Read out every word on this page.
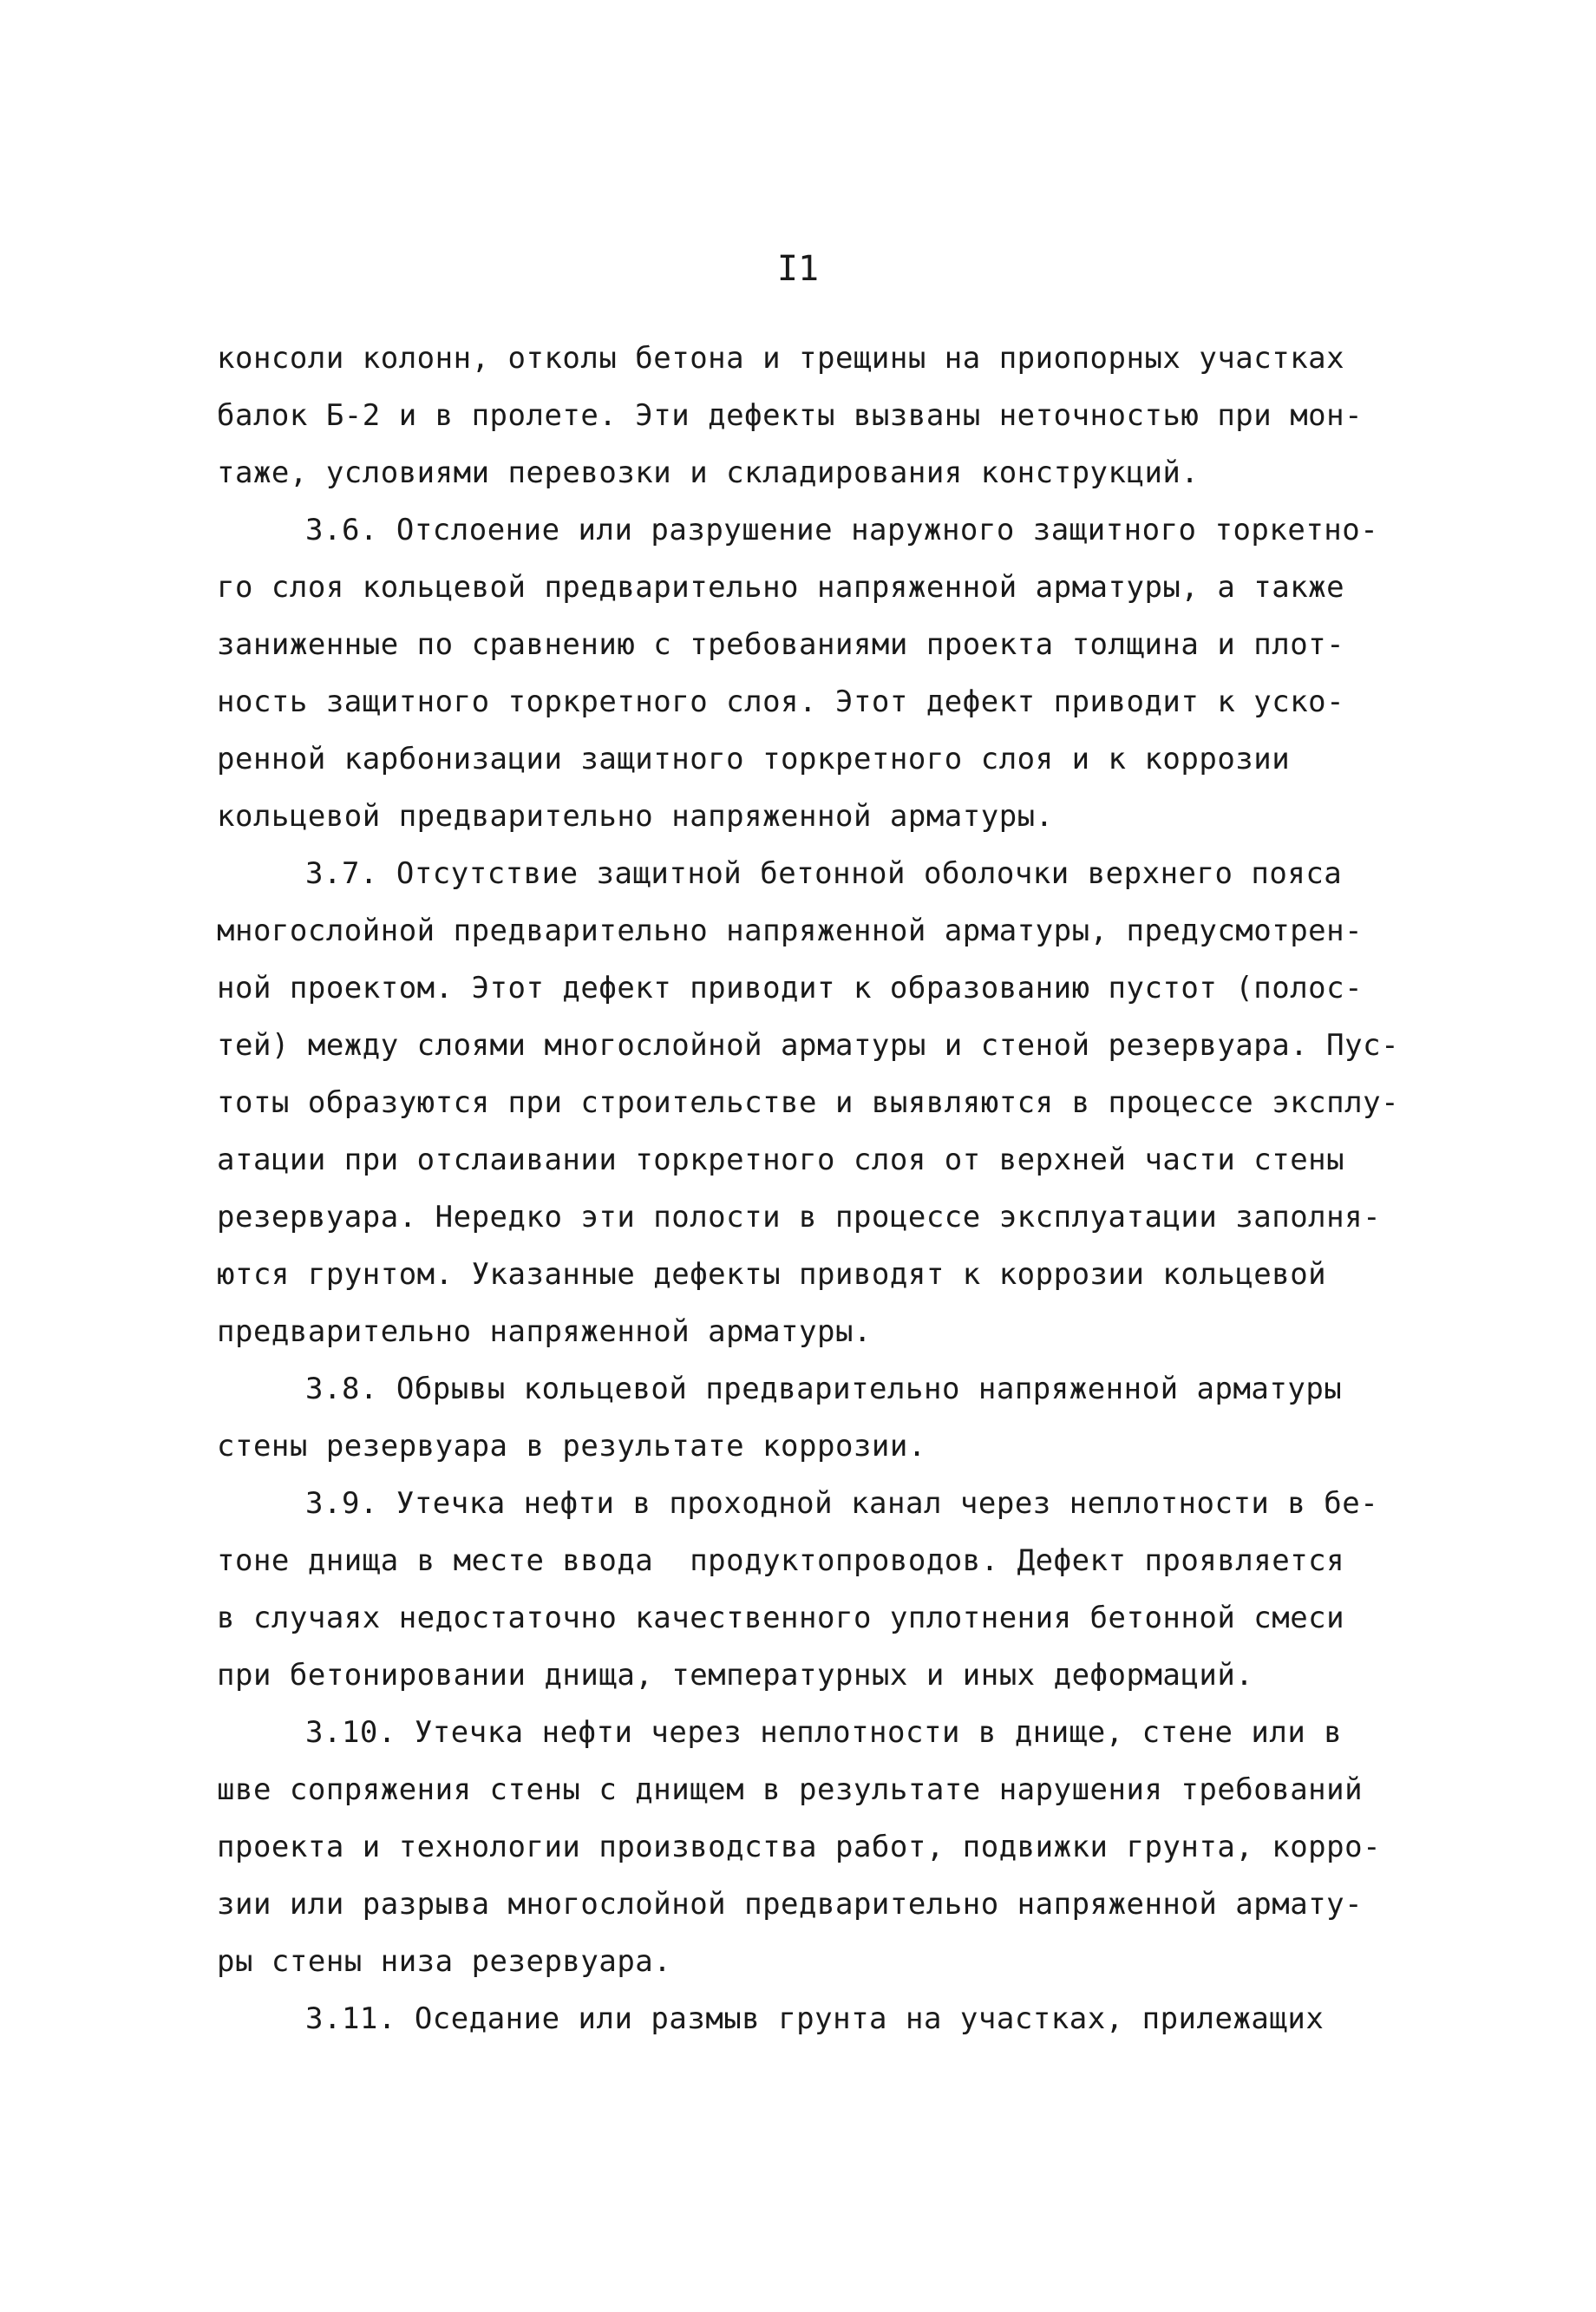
I1
консоли колонн, отколы бетона и трещины на приопорных участках
балок Б-2 и в пролете. Эти дефекты вызваны неточностью при мон-
таже, условиями перевозки и складирования конструкций.
3.6. Отслоение или разрушение наружного защитного торкетно-
го слоя кольцевой предварительно напряженной арматуры, а также
заниженные по сравнению с требованиями проекта толщина и плот-
ность защитного торкретного слоя. Этот дефект приводит к уско-
ренной карбонизации защитного торкретного слоя и к коррозии
кольцевой предварительно напряженной арматуры.
3.7. Отсутствие защитной бетонной оболочки верхнего пояса
многослойной предварительно напряженной арматуры, предусмотрен-
ной проектом. Этот дефект приводит к образованию пустот (полос-
тей) между слоями многослойной арматуры и стеной резервуара. Пус-
тоты образуются при строительстве и выявляются в процессе эксплу-
атации при отслаивании торкретного слоя от верхней части стены
резервуара. Нередко эти полости в процессе эксплуатации заполня-
ются грунтом. Указанные дефекты приводят к коррозии кольцевой
предварительно напряженной арматуры.
3.8. Обрывы кольцевой предварительно напряженной арматуры
стены резервуара в результате коррозии.
3.9. Утечка нефти в проходной канал через неплотности в бе-
тоне днища в месте ввода  продуктопроводов. Дефект проявляется
в случаях недостаточно качественного уплотнения бетонной смеси
при бетонировании днища, температурных и иных деформаций.
3.10. Утечка нефти через неплотности в днище, стене или в
шве сопряжения стены с днищем в результате нарушения требований
проекта и технологии производства работ, подвижки грунта, корро-
зии или разрыва многослойной предварительно напряженной армату-
ры стены низа резервуара.
3.11. Оседание или размыв грунта на участках, прилежащих
